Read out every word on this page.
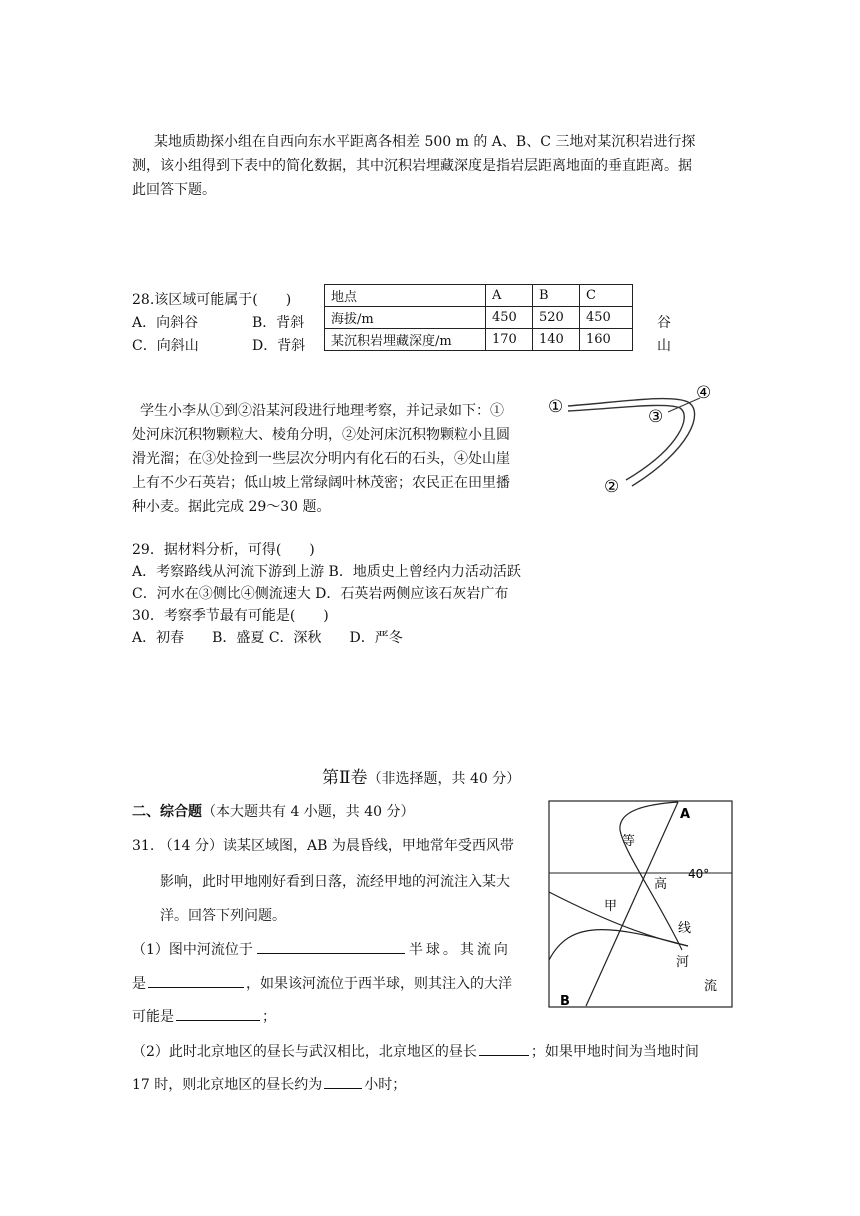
某地质勘探小组在自西向东水平距离各相差 500 m 的 A、B、C 三地对某沉积岩进行探
测，该小组得到下表中的简化数据，其中沉积岩埋藏深度是指岩层距离地面的垂直距离。据
此回答下题。
28.该区域可能属于(　　)
A．向斜谷	B．背斜
C．向斜山	D．背斜
谷
山
地点	A	B	C
海拔/m	450	520	450
某沉积岩埋藏深度/m	170	140	160
学生小李从①到②沿某河段进行地理考察，并记录如下：①
处河床沉积物颗粒大、棱角分明，②处河床沉积物颗粒小且圆
滑光溜；在③处捡到一些层次分明内有化石的石头，④处山崖
上有不少石英岩；低山坡上常绿阔叶林茂密；农民正在田里播
种小麦。据此完成 29～30 题。
①
②
③
④
29．据材料分析，可得(　　)
A．考察路线从河流下游到上游 B．地质史上曾经内力活动活跃
C．河水在③侧比④侧流速大 D．石英岩两侧应该石灰岩广布
30．考察季节最有可能是(　　)
A．初春　　B．盛夏 C．深秋　　D．严冬
第Ⅱ卷（非选择题，共 40 分）
二、综合题（本大题共有 4 小题，共 40 分）
31. （14 分）读某区域图，AB 为晨昏线，甲地常年受西风带
影响，此时甲地刚好看到日落，流经甲地的河流注入某大
洋。回答下列问题。
（1）图中河流位于	半球。其流向
是	，如果该河流位于西半球，则其注入的大洋
可能是	；
（2）此时北京地区的昼长与武汉相比，北京地区的昼长	；如果甲地时间为当地时间
17 时，则北京地区的昼长约为	小时；
A
B
40°
甲
等
高
线
河
流
